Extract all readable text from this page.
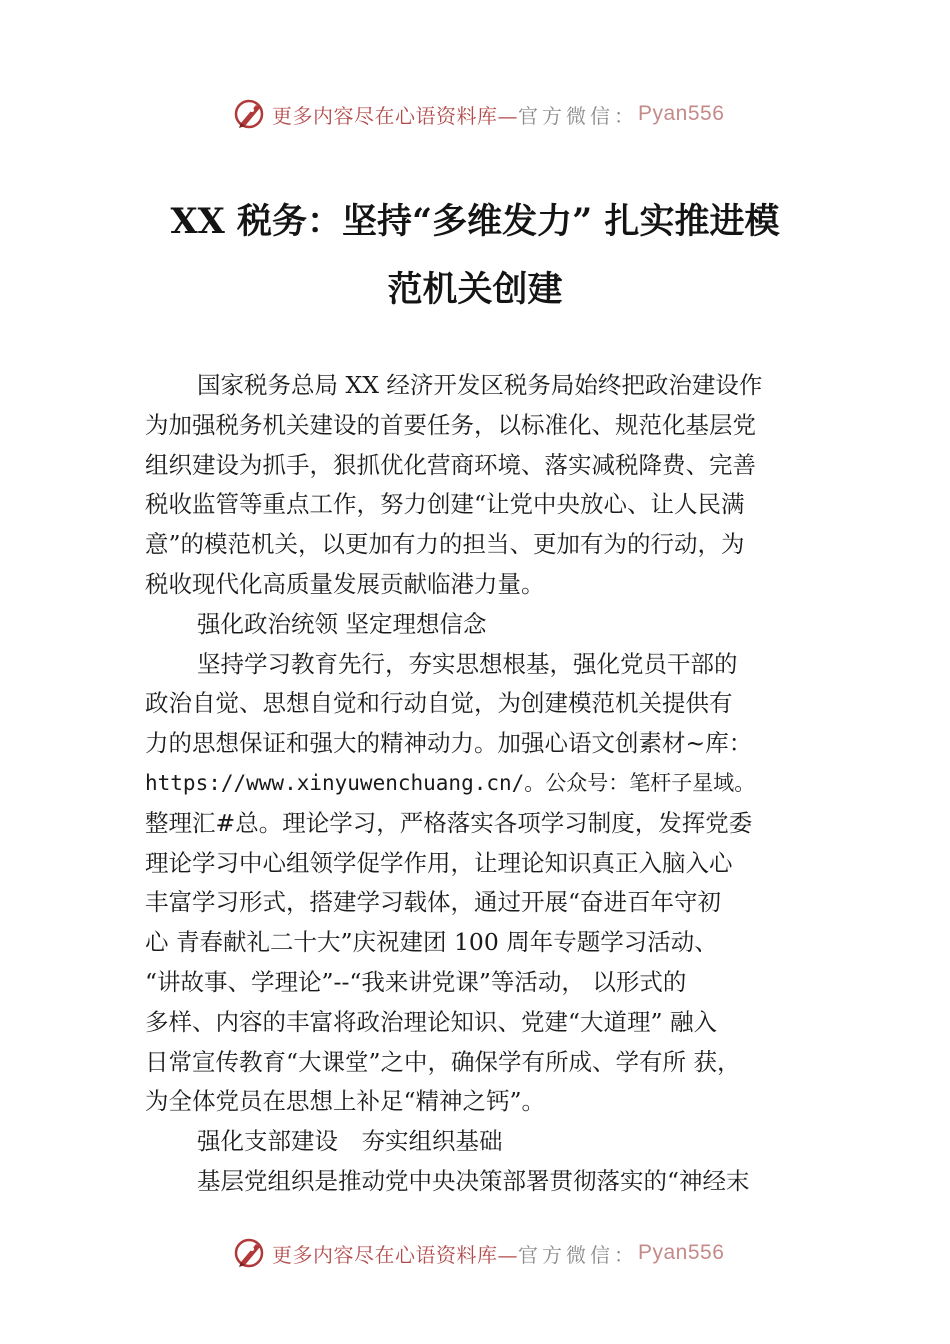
更多内容尽在心语资料库— 官方微信： Pyan556
XX 税务：坚持“多维发力” 扎实推进模
范机关创建
国家税务总局 XX 经济开发区税务局始终把政治建设作
为加强税务机关建设的首要任务，以标准化、规范化基层党
组织建设为抓手，狠抓优化营商环境、落实减税降费、完善
税收监管等重点工作，努力创建“让党中央放心、让人民满
意”的模范机关，以更加有力的担当、更加有为的行动，为
税收现代化高质量发展贡献临港力量。
强化政治统领 坚定理想信念
坚持学习教育先行，夯实思想根基，强化党员干部的
政治自觉、思想自觉和行动自觉，为创建模范机关提供有
力的思想保证和强大的精神动力。加强心语文创素材~库：
https://www.xinyuwenchuang.cn/。公众号：笔杆子星域。
整理汇#总。理论学习，严格落实各项学习制度，发挥党委
理论学习中心组领学促学作用，让理论知识真正入脑入心
丰富学习形式，搭建学习载体，通过开展“奋进百年守初
心 青春献礼二十大”庆祝建团 100 周年专题学习活动、
“讲故事、学理论”--“我来讲党课”等活动， 以形式的
多样、内容的丰富将政治理论知识、党建“大道理” 融入
日常宣传教育“大课堂”之中，确保学有所成、学有所 获，
为全体党员在思想上补足“精神之钙”。
强化支部建设　夯实组织基础
基层党组织是推动党中央决策部署贯彻落实的“神经末
更多内容尽在心语资料库— 官方微信： Pyan556
